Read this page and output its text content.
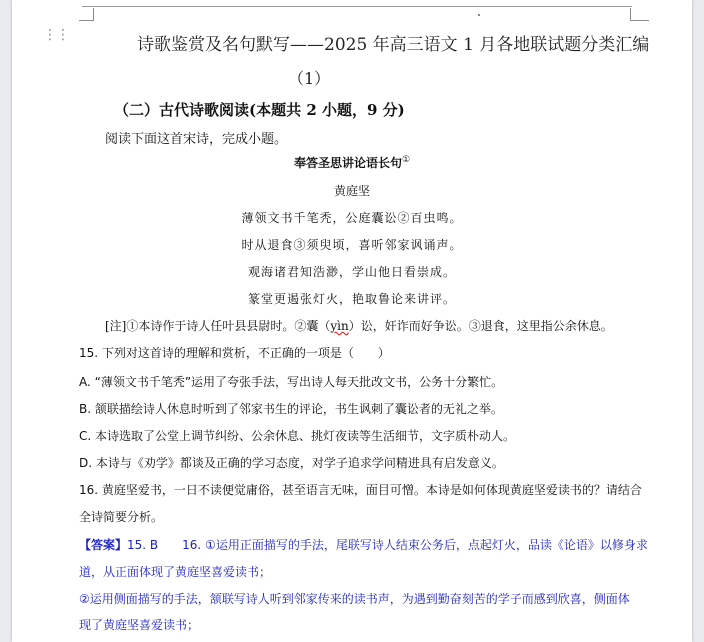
⋮⋮	诗歌鉴赏及名句默写——2025 年高三语文 1 月各地联试题分类汇编
（1）
（二）古代诗歌阅读(本题共 2 小题，9 分)
阅读下面这首宋诗，完成小题。
奉答圣思讲论语长句①
黄庭坚
薄领文书千笔秃，公庭囊讼②百虫鸣。
时从退食③须臾顷，喜听邻家讽诵声。
观海诸君知浩渺，学山他日看崇成。
篆堂更遏张灯火，艳取鲁论来讲评。
[注]①本诗作于诗人任叶县县尉时。②囊（yìn）讼，奸诈而好争讼。③退食，这里指公余休息。
15. 下列对这首诗的理解和赏析，不正确的一项是（　　）
A. “薄领文书千笔秃”运用了夸张手法，写出诗人每天批改文书，公务十分繁忙。
B. 颔联描绘诗人休息时听到了邻家书生的评论，书生讽刺了囊讼者的无礼之举。
C. 本诗选取了公堂上调节纠纷、公余休息、挑灯夜读等生活细节，文字质朴动人。
D. 本诗与《劝学》都谈及正确的学习态度，对学子追求学问精进具有启发意义。
16. 黄庭坚爱书，一日不读便觉庸俗，甚至语言无味，面目可憎。本诗是如何体现黄庭坚爱读书的？请结合
全诗简要分析。
【答案】15. B　　16. ①运用正面描写的手法，尾联写诗人结束公务后，点起灯火，品读《论语》以修身求
道，从正面体现了黄庭坚喜爱读书；
②运用侧面描写的手法，颔联写诗人听到邻家传来的读书声，为遇到勤奋刻苦的学子而感到欣喜，侧面体
现了黄庭坚喜爱读书；
